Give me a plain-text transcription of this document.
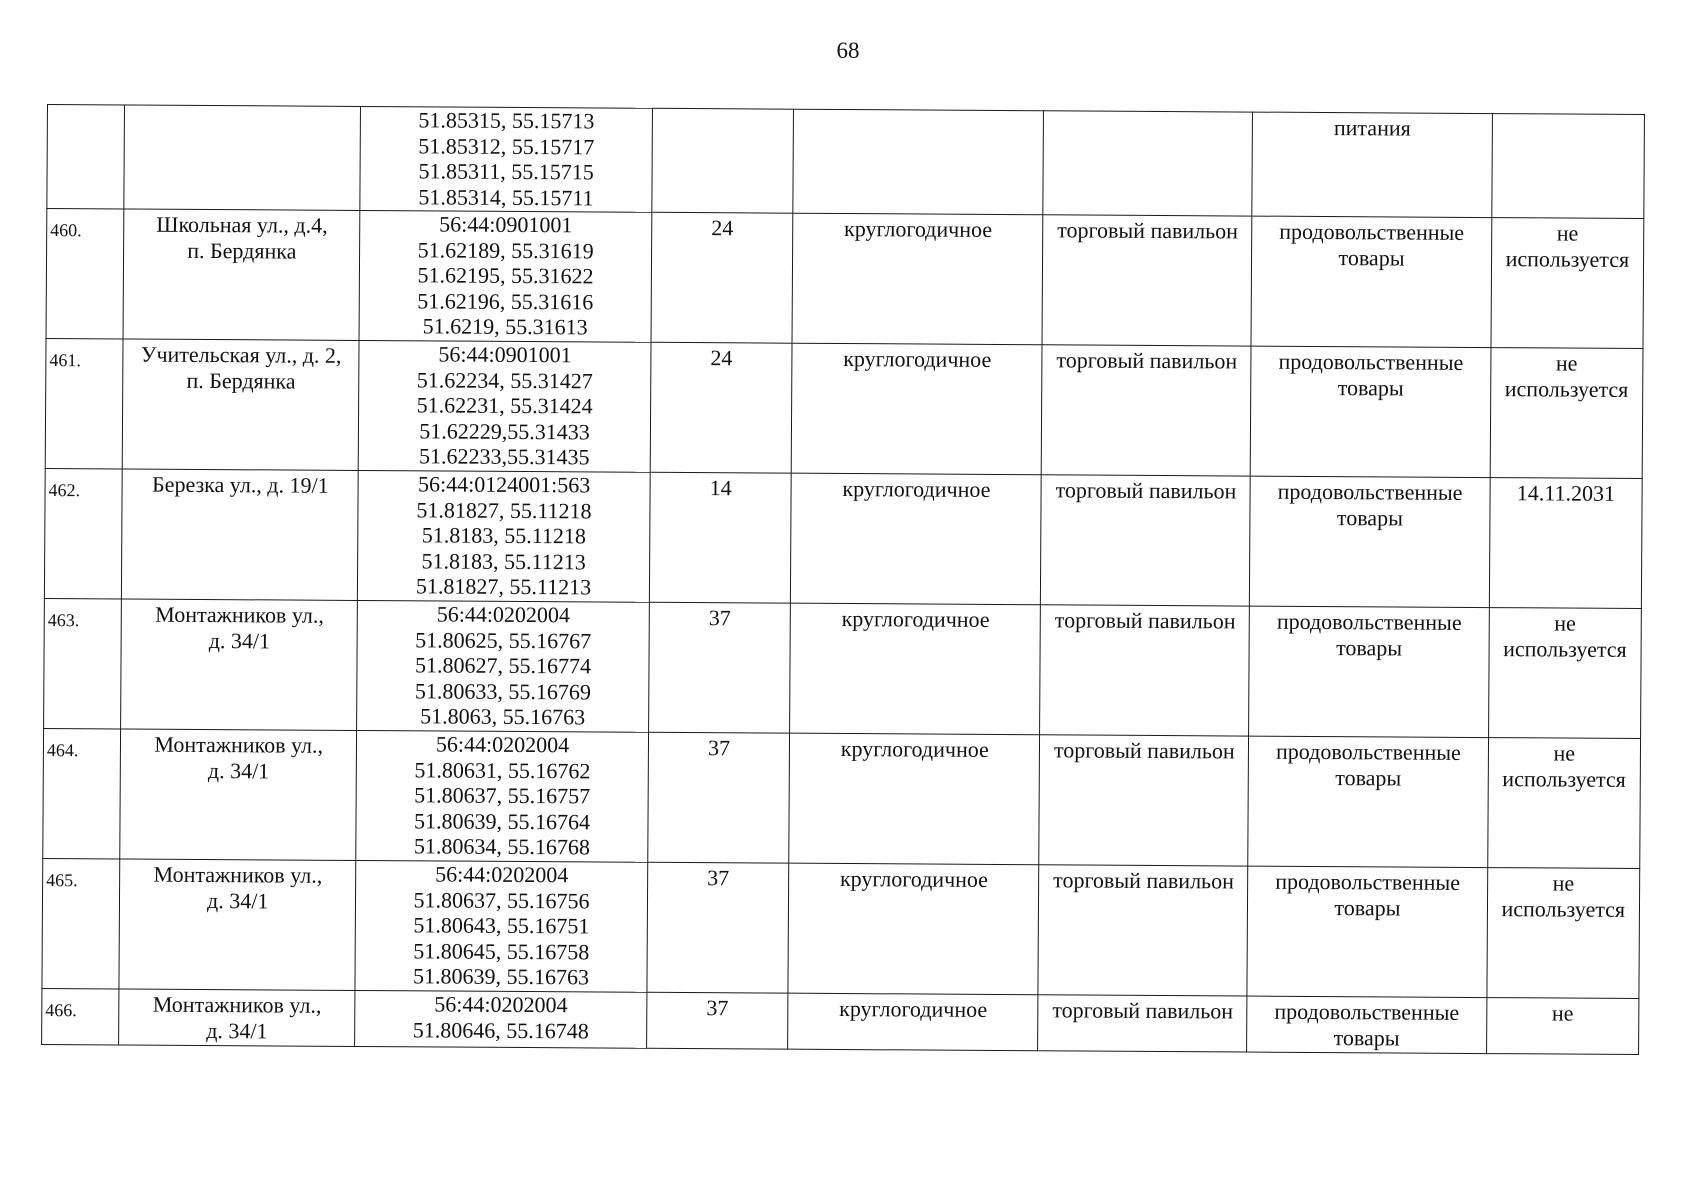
68

		51.85315, 55.15713
51.85312, 55.15717
51.85311, 55.15715
51.85314, 55.15711				питания	

460.	Школьная ул., д.4,
п. Бердянка	56:44:0901001
51.62189, 55.31619
51.62195, 55.31622
51.62196, 55.31616
51.6219, 55.31613	24	круглогодичное	торговый павильон	продовольственные
товары	не
используется

461.	Учительская ул., д. 2,
п. Бердянка	56:44:0901001
51.62234, 55.31427
51.62231, 55.31424
51.62229,55.31433
51.62233,55.31435	24	круглогодичное	торговый павильон	продовольственные
товары	не
используется

462.	Березка ул., д. 19/1	56:44:0124001:563
51.81827, 55.11218
51.8183, 55.11218
51.8183, 55.11213
51.81827, 55.11213	14	круглогодичное	торговый павильон	продовольственные
товары	14.11.2031

463.	Монтажников ул.,
д. 34/1	56:44:0202004
51.80625, 55.16767
51.80627, 55.16774
51.80633, 55.16769
51.8063, 55.16763	37	круглогодичное	торговый павильон	продовольственные
товары	не
используется

464.	Монтажников ул.,
д. 34/1	56:44:0202004
51.80631, 55.16762
51.80637, 55.16757
51.80639, 55.16764
51.80634, 55.16768	37	круглогодичное	торговый павильон	продовольственные
товары	не
используется

465.	Монтажников ул.,
д. 34/1	56:44:0202004
51.80637, 55.16756
51.80643, 55.16751
51.80645, 55.16758
51.80639, 55.16763	37	круглогодичное	торговый павильон	продовольственные
товары	не
используется

466.	Монтажников ул.,
д. 34/1	56:44:0202004
51.80646, 55.16748	37	круглогодичное	торговый павильон	продовольственные
товары	не
